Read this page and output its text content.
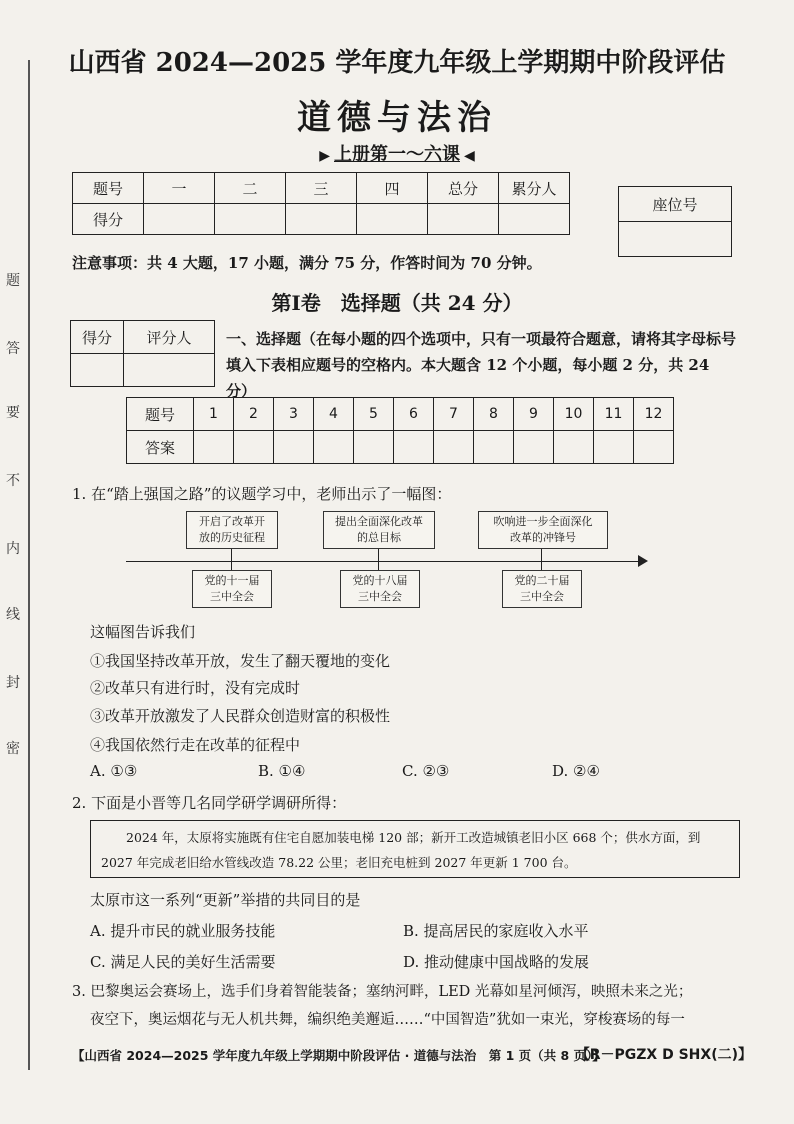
题
答
要
不
内
线
封
密
山西省 2024—2025 学年度九年级上学期期中阶段评估
道德与法治
▶ 上册第一～六课 ◀
题号	一	二	三	四	总分	累分人
得分						
座位号

注意事项：共 4 大题，17 小题，满分 75 分，作答时间为 70 分钟。
第Ⅰ卷　选择题（共 24 分）
得分	评分人
	一、选择题（在每小题的四个选项中，只有一项最符合题意，请将其字母标号填入下表相应题号的空格内。本大题含 12 个小题，每小题 2 分，共 24 分）
题号	1	2	3	4	5	6	7	8	9	10	11	12
答案												
1. 在“踏上强国之路”的议题学习中，老师出示了一幅图：
开启了改革开
放的历史征程
提出全面深化改革
的总目标
吹响进一步全面深化
改革的冲锋号
党的十一届
三中全会
党的十八届
三中全会
党的二十届
三中全会
这幅图告诉我们
①我国坚持改革开放，发生了翻天覆地的变化
②改革只有进行时，没有完成时
③改革开放激发了人民群众创造财富的积极性
④我国依然行走在改革的征程中
A. ①③	B. ①④	C. ②③	D. ②④
2. 下面是小晋等几名同学研学调研所得：
2024 年，太原将实施既有住宅自愿加装电梯 120 部；新开工改造城镇老旧小区 668 个；供水方面，到
2027 年完成老旧给水管线改造 78.22 公里；老旧充电桩到 2027 年更新 1 700 台。
太原市这一系列“更新”举措的共同目的是
A. 提升市民的就业服务技能	B. 提高居民的家庭收入水平
C. 满足人民的美好生活需要	D. 推动健康中国战略的发展
3. 巴黎奥运会赛场上，选手们身着智能装备；塞纳河畔，LED 光幕如星河倾泻，映照未来之光；
夜空下，奥运烟花与无人机共舞，编织绝美邂逅……“中国智造”犹如一束光，穿梭赛场的每一
【山西省 2024—2025 学年度九年级上学期期中阶段评估 · 道德与法治　第 1 页（共 8 页）】
【R－PGZX D SHX(二)】
